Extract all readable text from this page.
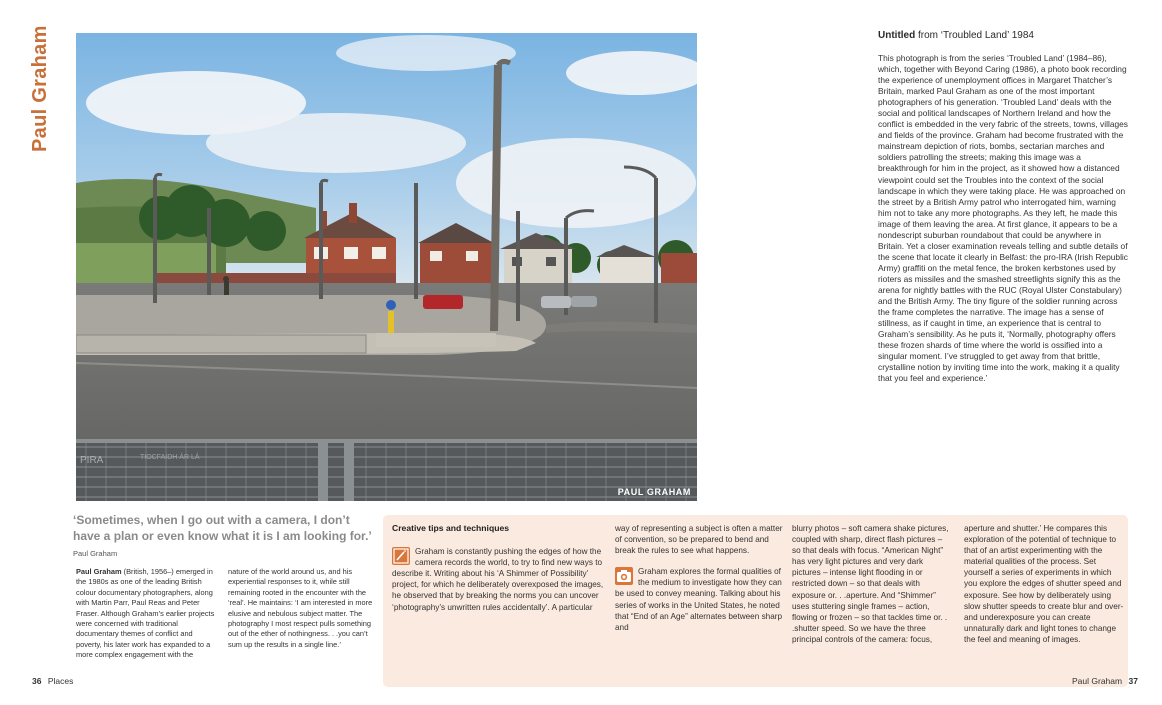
Paul Graham
PIRA	TIOCFAIDH ÁR LÁ
PAUL GRAHAM
Untitled from ‘Troubled Land’ 1984
This photograph is from the series ‘Troubled Land’ (1984–86), which, together with Beyond Caring (1986), a photo book recording the experience of unemployment offices in Margaret Thatcher’s Britain, marked Paul Graham as one of the most important photographers of his generation. ‘Troubled Land’ deals with the social and political landscapes of Northern Ireland and how the conflict is embedded in the very fabric of the streets, towns, villages and fields of the province. Graham had become frustrated with the mainstream depiction of riots, bombs, sectarian marches and soldiers patrolling the streets; making this image was a breakthrough for him in the project, as it showed how a distanced viewpoint could set the Troubles into the context of the social landscape in which they were taking place. He was approached on the street by a British Army patrol who interrogated him, warning him not to take any more photographs. As they left, he made this image of them leaving the area. At first glance, it appears to be a nondescript suburban roundabout that could be anywhere in Britain. Yet a closer examination reveals telling and subtle details of the scene that locate it clearly in Belfast: the pro-IRA (Irish Republic Army) graffiti on the metal fence, the broken kerbstones used by rioters as missiles and the smashed streetlights signify this as the arena for nightly battles with the RUC (Royal Ulster Constabulary) and the British Army. The tiny figure of the soldier running across the frame completes the narrative. The image has a sense of stillness, as if caught in time, an experience that is central to Graham’s sensibility. As he puts it, ‘Normally, photography offers these frozen shards of time where the world is ossified into a singular moment. I’ve struggled to get away from that brittle, crystalline notion by inviting time into the work, making it a quality that you feel and experience.’
‘Sometimes, when I go out with a camera, I don’t have a plan or even know what it is I am looking for.’ Paul Graham
Paul Graham (British, 1956–) emerged in the 1980s as one of the leading British colour documentary photographers, along with Martin Parr, Paul Reas and Peter Fraser. Although Graham’s earlier projects were concerned with traditional documentary themes of conflict and poverty, his later work has expanded to a more complex engagement with the
nature of the world around us, and his experiential responses to it, while still remaining rooted in the encounter with the ‘real’. He maintains: ‘I am interested in more elusive and nebulous subject matter. The photography I most respect pulls something out of the ether of nothingness. . .you can’t sum up the results in a single line.’
Creative tips and techniques
Graham is constantly pushing the edges of how the camera records the world, to try to find new ways to describe it. Writing about his ‘A Shimmer of Possibility’ project, for which he deliberately overexposed the images, he observed that by breaking the norms you can uncover ‘photography’s unwritten rules accidentally’. A particular
way of representing a subject is often a matter of convention, so be prepared to bend and break the rules to see what happens.
Graham explores the formal qualities of the medium to investigate how they can be used to convey meaning. Talking about his series of works in the United States, he noted that “End of an Age” alternates between sharp and
blurry photos – soft camera shake pictures, coupled with sharp, direct flash pictures – so that deals with focus. “American Night” has very light pictures and very dark pictures – intense light flooding in or restricted down – so that deals with exposure or. . .aperture. And “Shimmer” uses stuttering single frames – action, flowing or frozen – so that tackles time or. . .shutter speed. So we have the three principal controls of the camera: focus,
aperture and shutter.’ He compares this exploration of the potential of technique to that of an artist experimenting with the material qualities of the process. Set yourself a series of experiments in which you explore the edges of shutter speed and exposure. See how by deliberately using slow shutter speeds to create blur and over- and underexposure you can create unnaturally dark and light tones to change the feel and meaning of images.
36 Places	Paul Graham 37
